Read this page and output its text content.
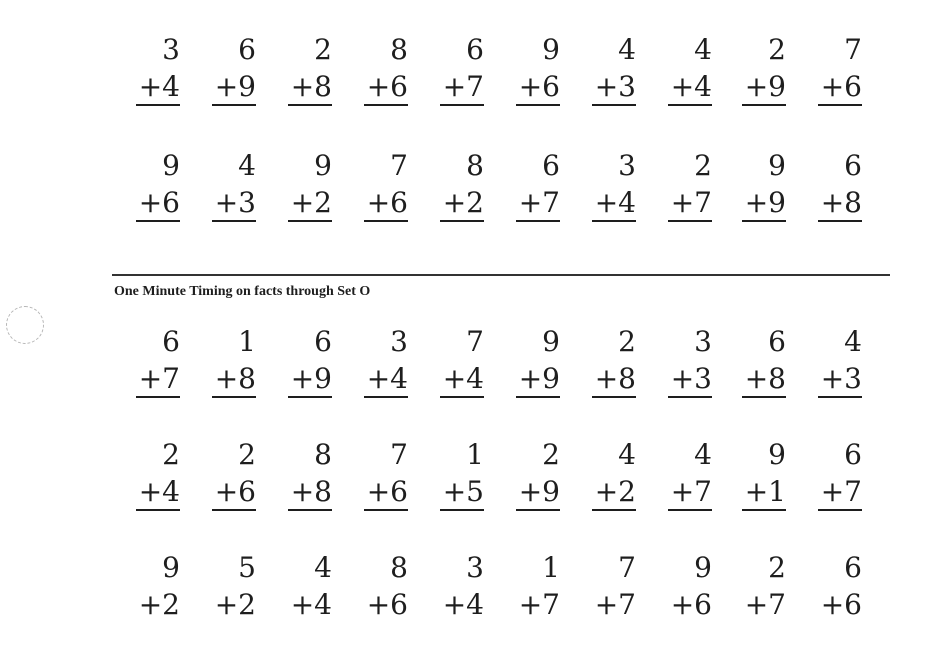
3

+4
6

+9
2

+8
8

+6
6

+7
9

+6
4

+3
4

+4
2

+9
7

+6
9

+6
4

+3
9

+2
7

+6
8

+2
6

+7
3

+4
2

+7
9

+9
6

+8
One Minute Timing on facts through Set O
6

+7
1

+8
6

+9
3

+4
7

+4
9

+9
2

+8
3

+3
6

+8
4

+3
2

+4
2

+6
8

+8
7

+6
1

+5
2

+9
4

+2
4

+7
9

+1
6

+7
9

+2
5

+2
4

+4
8

+6
3

+4
1

+7
7

+7
9

+6
2

+7
6

+6
